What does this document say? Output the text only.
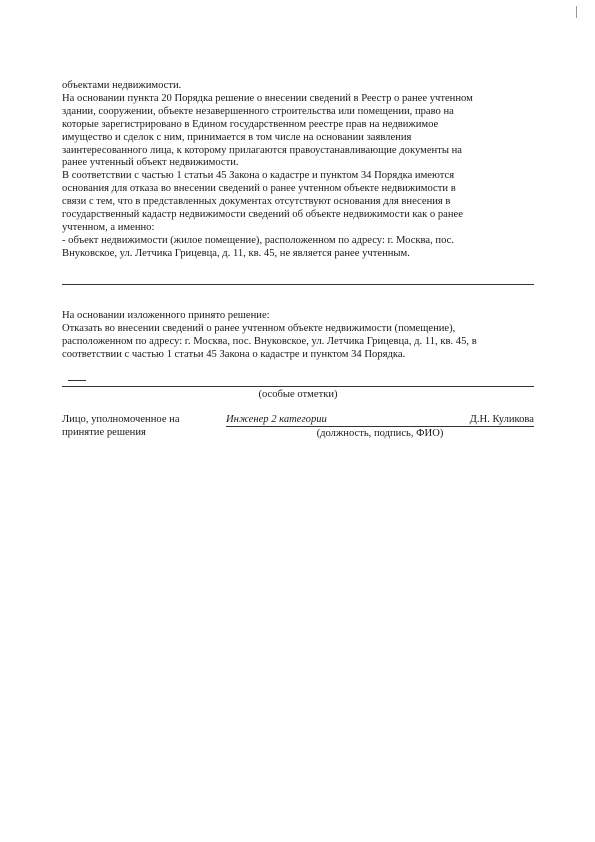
объектами недвижимости.

На основании пункта 20 Порядка решение о внесении сведений в Реестр о ранее учтенном

здании, сооружении, объекте незавершенного строительства или помещении, право на

которые зарегистрировано в Едином государственном реестре прав на недвижимое

имущество и сделок с ним, принимается в том числе на основании заявления

заинтересованного лица, к которому прилагаются правоустанавливающие документы на

ранее учтенный объект недвижимости.

В соответствии с частью 1 статьи 45 Закона о кадастре и пунктом 34 Порядка имеются

основания для отказа во внесении сведений о ранее учтенном объекте недвижимости в

связи с тем, что в представленных документах отсутствуют основания для внесения в

государственный кадастр недвижимости сведений об объекте недвижимости как о ранее

учтенном, а именно:

- объект недвижимости (жилое помещение), расположенном по адресу: г. Москва, пос.

Внуковское, ул. Летчика Грицевца, д. 11, кв. 45, не является ранее учтенным.

На основании изложенного принято решение:

Отказать во внесении сведений о ранее учтенном объекте недвижимости (помещение),

расположенном по адресу: г. Москва, пос. Внуковское, ул. Летчика Грицевца, д. 11, кв. 45, в

соответствии с частью 1 статьи 45 Закона о кадастре и пунктом 34 Порядка.

(особые отметки)

Лицо, уполномоченное на

принятие решения

Инженер 2 категории	Д.Н. Куликова
(должность, подпись, ФИО)
